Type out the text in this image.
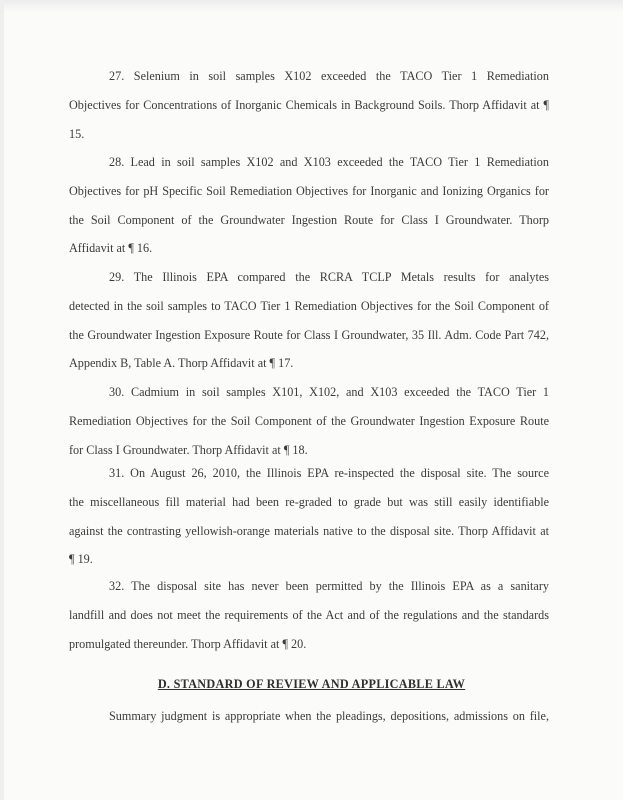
27. Selenium in soil samples X102 exceeded the TACO Tier 1 Remediation
Objectives for Concentrations of Inorganic Chemicals in Background Soils. Thorp Affidavit at ¶
15.
28. Lead in soil samples X102 and X103 exceeded the TACO Tier 1 Remediation
Objectives for pH Specific Soil Remediation Objectives for Inorganic and Ionizing Organics for
the Soil Component of the Groundwater Ingestion Route for Class I Groundwater. Thorp
Affidavit at ¶ 16.
29. The Illinois EPA compared the RCRA TCLP Metals results for analytes
detected in the soil samples to TACO Tier 1 Remediation Objectives for the Soil Component of
the Groundwater Ingestion Exposure Route for Class I Groundwater, 35 Ill. Adm. Code Part 742,
Appendix B, Table A. Thorp Affidavit at ¶ 17.
30. Cadmium in soil samples X101, X102, and X103 exceeded the TACO Tier 1
Remediation Objectives for the Soil Component of the Groundwater Ingestion Exposure Route
for Class I Groundwater. Thorp Affidavit at ¶ 18.
31. On August 26, 2010, the Illinois EPA re-inspected the disposal site. The source
the miscellaneous fill material had been re-graded to grade but was still easily identifiable
against the contrasting yellowish-orange materials native to the disposal site. Thorp Affidavit at
¶ 19.
32. The disposal site has never been permitted by the Illinois EPA as a sanitary
landfill and does not meet the requirements of the Act and of the regulations and the standards
promulgated thereunder. Thorp Affidavit at ¶ 20.
D. STANDARD OF REVIEW AND APPLICABLE LAW
Summary judgment is appropriate when the pleadings, depositions, admissions on file,
